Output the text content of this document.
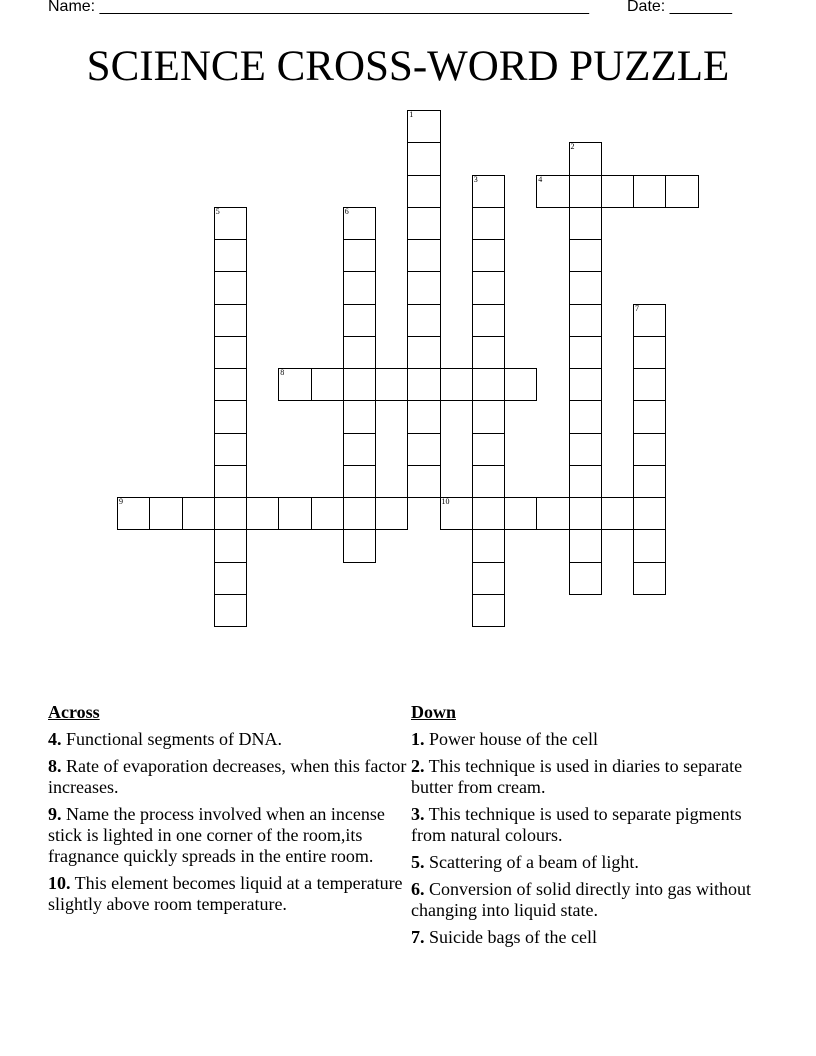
Name: _______________________________________________________ Date: _______
SCIENCE CROSS-WORD PUZZLE
1
2
3	4
5	6
7
8
9	10
Across
4. Functional segments of DNA.
8. Rate of evaporation decreases, when this factor increases.
9. Name the process involved when an incense stick is lighted in one corner of the room,its fragnance quickly spreads in the entire room.
10. This element becomes liquid at a temperature slightly above room temperature.
Down
1. Power house of the cell
2. This technique is used in diaries to separate butter from cream.
3. This technique is used to separate pigments from natural colours.
5. Scattering of a beam of light.
6. Conversion of solid directly into gas without changing into liquid state.
7. Suicide bags of the cell
